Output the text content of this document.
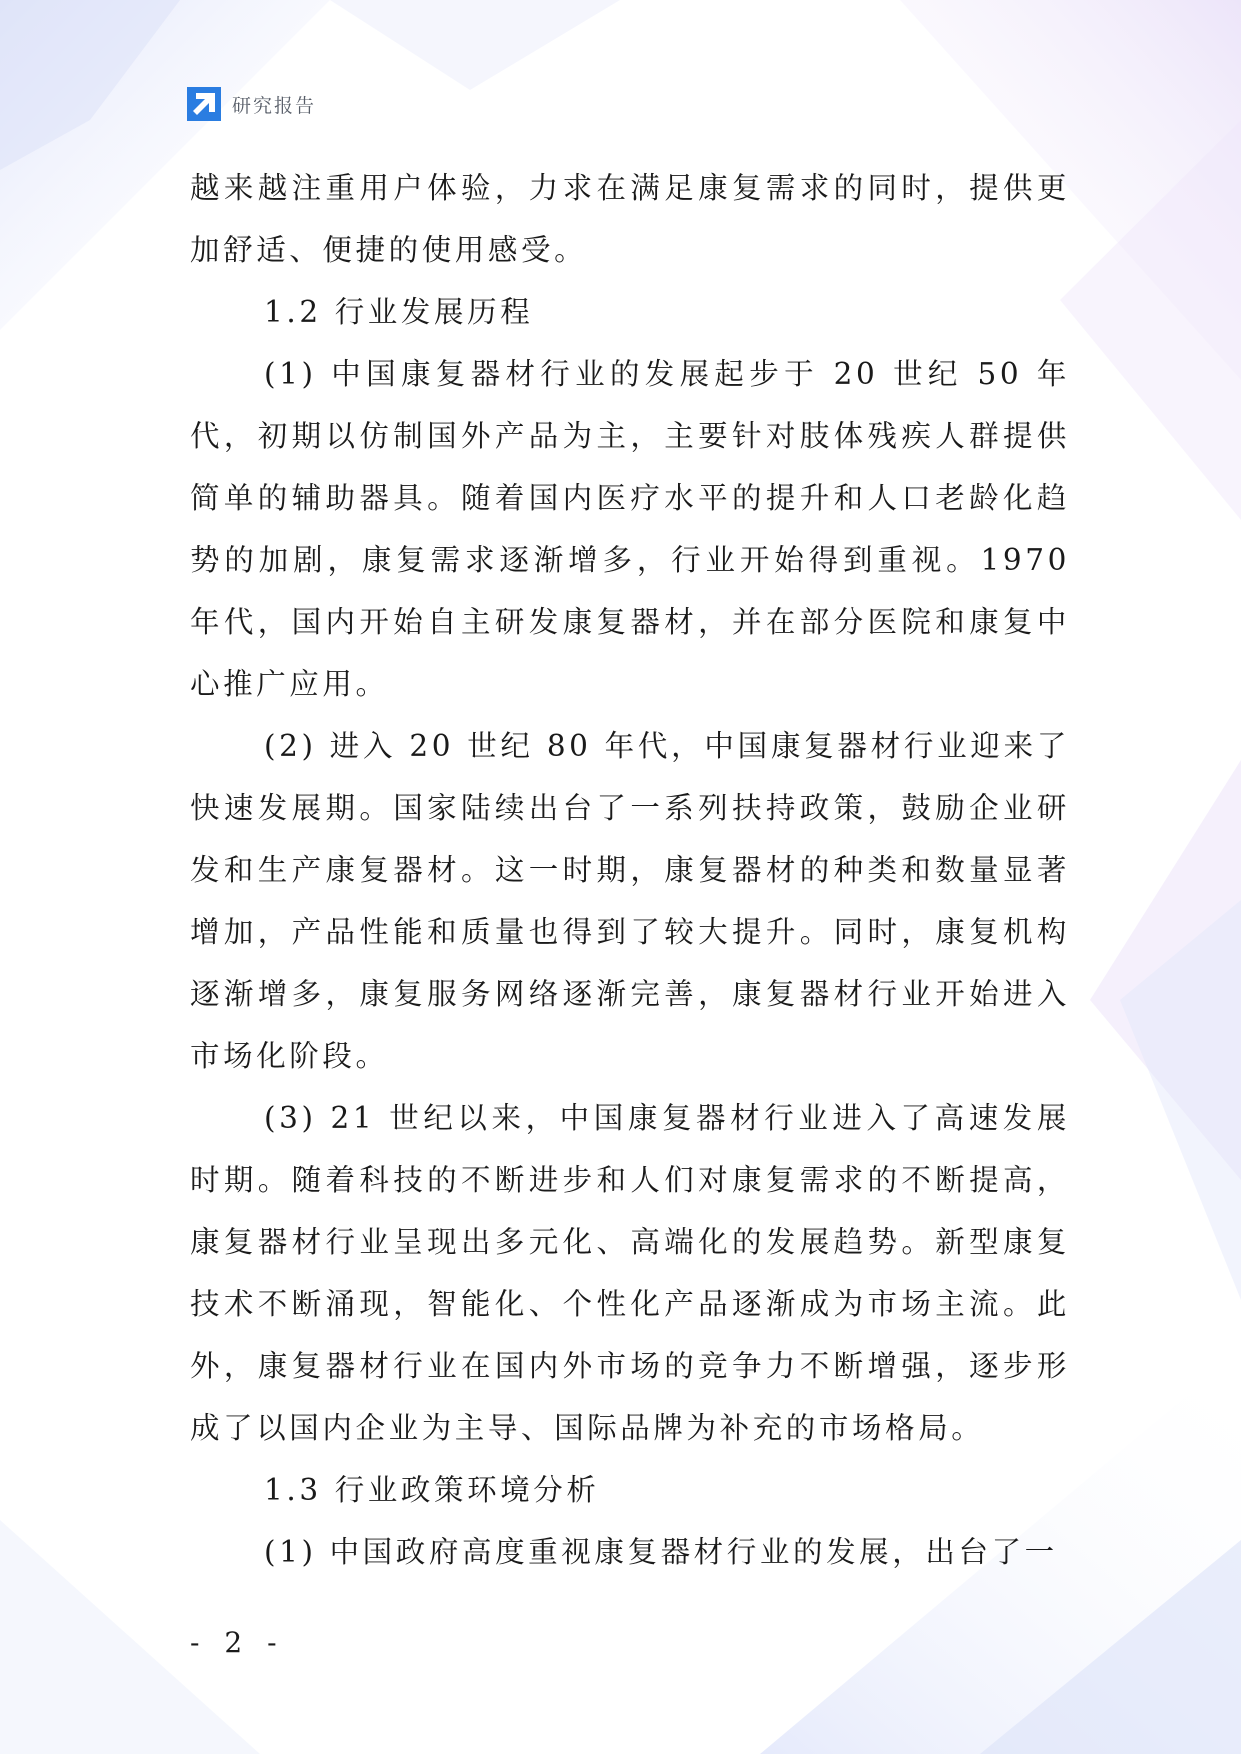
研究报告

越来越注重用户体验，力求在满足康复需求的同时，提供更加舒适、便捷的使用感受。

1.2 行业发展历程

(1) 中国康复器材行业的发展起步于 20 世纪 50 年代，初期以仿制国外产品为主，主要针对肢体残疾人群提供简单的辅助器具。随着国内医疗水平的提升和人口老龄化趋势的加剧，康复需求逐渐增多，行业开始得到重视。1970 年代，国内开始自主研发康复器材，并在部分医院和康复中心推广应用。

(2) 进入 20 世纪 80 年代，中国康复器材行业迎来了快速发展期。国家陆续出台了一系列扶持政策，鼓励企业研发和生产康复器材。这一时期，康复器材的种类和数量显著增加，产品性能和质量也得到了较大提升。同时，康复机构逐渐增多，康复服务网络逐渐完善，康复器材行业开始进入市场化阶段。

(3) 21 世纪以来，中国康复器材行业进入了高速发展时期。随着科技的不断进步和人们对康复需求的不断提高，康复器材行业呈现出多元化、高端化的发展趋势。新型康复技术不断涌现，智能化、个性化产品逐渐成为市场主流。此外，康复器材行业在国内外市场的竞争力不断增强，逐步形成了以国内企业为主导、国际品牌为补充的市场格局。

1.3 行业政策环境分析

(1) 中国政府高度重视康复器材行业的发展，出台了一

- 2 -
